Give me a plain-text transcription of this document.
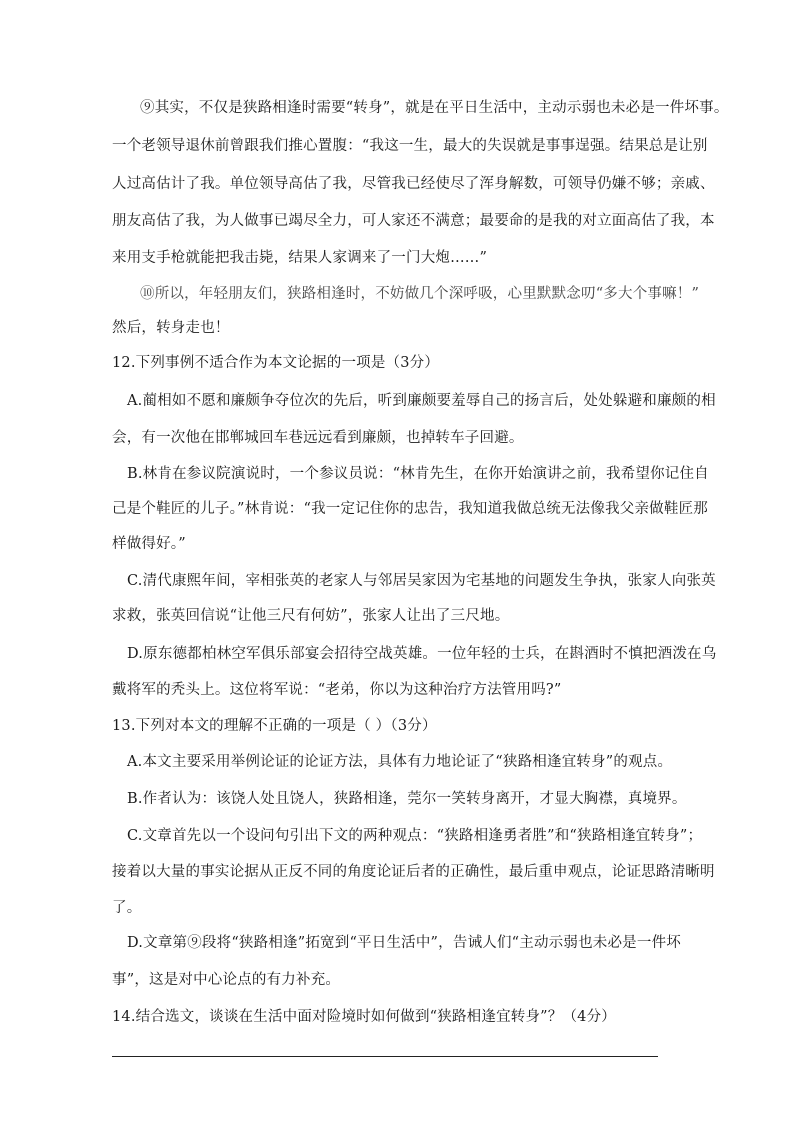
⑨其实，不仅是狭路相逢时需要“转身”，就是在平日生活中，主动示弱也未必是一件坏事。
一个老领导退休前曾跟我们推心置腹：“我这一生，最大的失误就是事事逞强。结果总是让别
人过高估计了我。单位领导高估了我，尽管我已经使尽了浑身解数，可领导仍嫌不够；亲戚、
朋友高估了我，为人做事已竭尽全力，可人家还不满意；最要命的是我的对立面高估了我，本
来用支手枪就能把我击毙，结果人家调来了一门大炮……”
⑩所以，年轻朋友们，狭路相逢时，不妨做几个深呼吸，心里默默念叨“多大个事嘛！”
然后，转身走也！
12.下列事例不适合作为本文论据的一项是（3分）
A.蔺相如不愿和廉颇争夺位次的先后，听到廉颇要羞辱自己的扬言后，处处躲避和廉颇的相
会，有一次他在邯郸城回车巷远远看到廉颇，也掉转车子回避。
B.林肯在参议院演说时，一个参议员说：“林肯先生，在你开始演讲之前，我希望你记住自
己是个鞋匠的儿子。”林肯说：“我一定记住你的忠告，我知道我做总统无法像我父亲做鞋匠那
样做得好。”
C.清代康熙年间，宰相张英的老家人与邻居吴家因为宅基地的问题发生争执，张家人向张英
求救，张英回信说“让他三尺有何妨”，张家人让出了三尺地。
D.原东德都柏林空军俱乐部宴会招待空战英雄。一位年轻的士兵，在斟酒时不慎把酒泼在乌
戴将军的秃头上。这位将军说：“老弟，你以为这种治疗方法管用吗?”
13.下列对本文的理解不正确的一项是（ ）（3分）
A.本文主要采用举例论证的论证方法，具体有力地论证了“狭路相逢宜转身”的观点。
B.作者认为：该饶人处且饶人，狭路相逢，莞尔一笑转身离开，才显大胸襟，真境界。
C.文章首先以一个设问句引出下文的两种观点：“狭路相逢勇者胜”和“狭路相逢宜转身”；
接着以大量的事实论据从正反不同的角度论证后者的正确性，最后重申观点，论证思路清晰明
了。
D.文章第⑨段将“狭路相逢”拓宽到“平日生活中”，告诫人们“主动示弱也未必是一件坏
事”，这是对中心论点的有力补充。
14.结合选文，谈谈在生活中面对险境时如何做到“狭路相逢宜转身”？（4分）
